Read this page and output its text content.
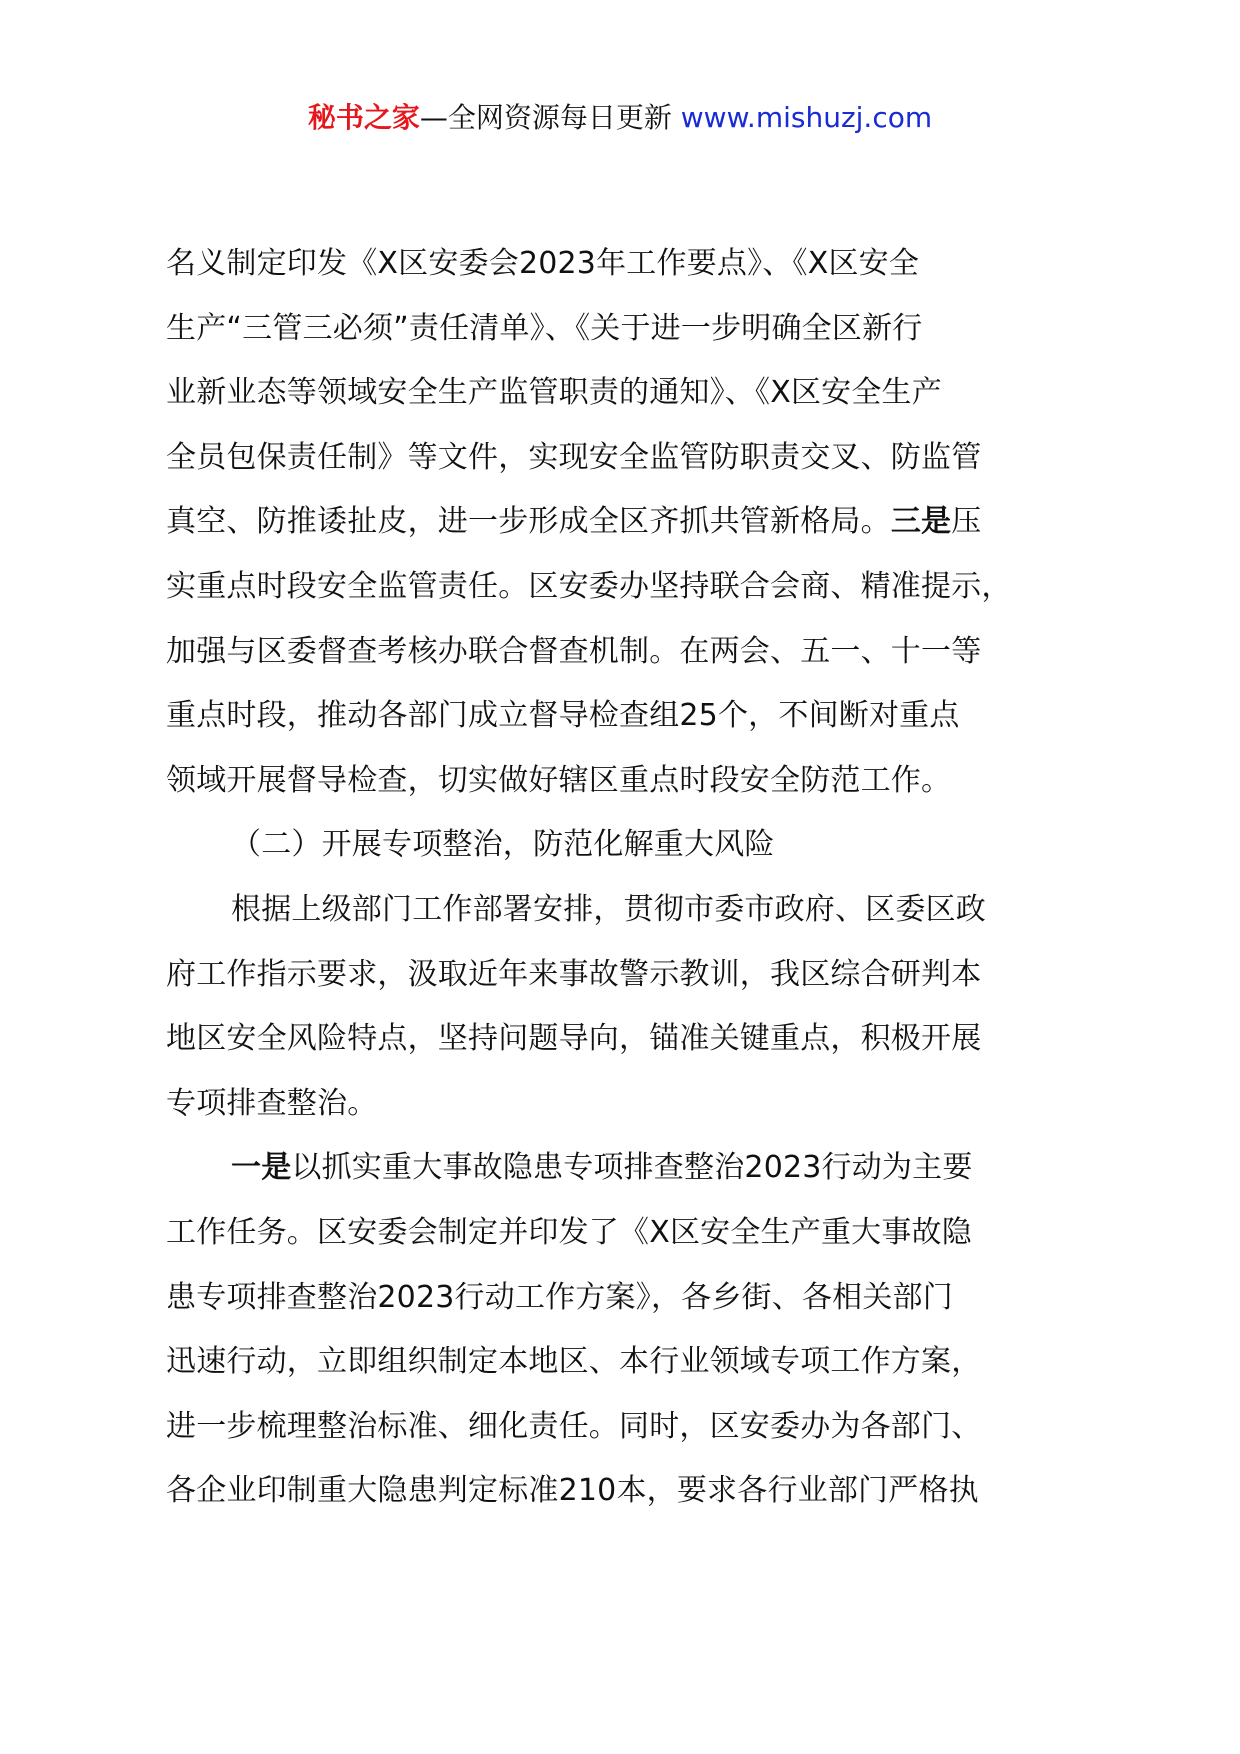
秘书之家—全网资源每日更新 www.mishuzj.com
名义制定印发《X区安委会2023年工作要点》、《X区安全
生产“三管三必须”责任清单》、《关于进一步明确全区新行
业新业态等领域安全生产监管职责的通知》、《X区安全生产
全员包保责任制》等文件，实现安全监管防职责交叉、防监管
真空、防推诿扯皮，进一步形成全区齐抓共管新格局。三是压
实重点时段安全监管责任。区安委办坚持联合会商、精准提示，
加强与区委督查考核办联合督查机制。在两会、五一、十一等
重点时段，推动各部门成立督导检查组25个，不间断对重点
领域开展督导检查，切实做好辖区重点时段安全防范工作。
（二）开展专项整治，防范化解重大风险
根据上级部门工作部署安排，贯彻市委市政府、区委区政
府工作指示要求，汲取近年来事故警示教训，我区综合研判本
地区安全风险特点，坚持问题导向，锚准关键重点，积极开展
专项排查整治。
一是以抓实重大事故隐患专项排查整治2023行动为主要
工作任务。区安委会制定并印发了《X区安全生产重大事故隐
患专项排查整治2023行动工作方案》，各乡街、各相关部门
迅速行动，立即组织制定本地区、本行业领域专项工作方案，
进一步梳理整治标准、细化责任。同时，区安委办为各部门、
各企业印制重大隐患判定标准210本，要求各行业部门严格执
